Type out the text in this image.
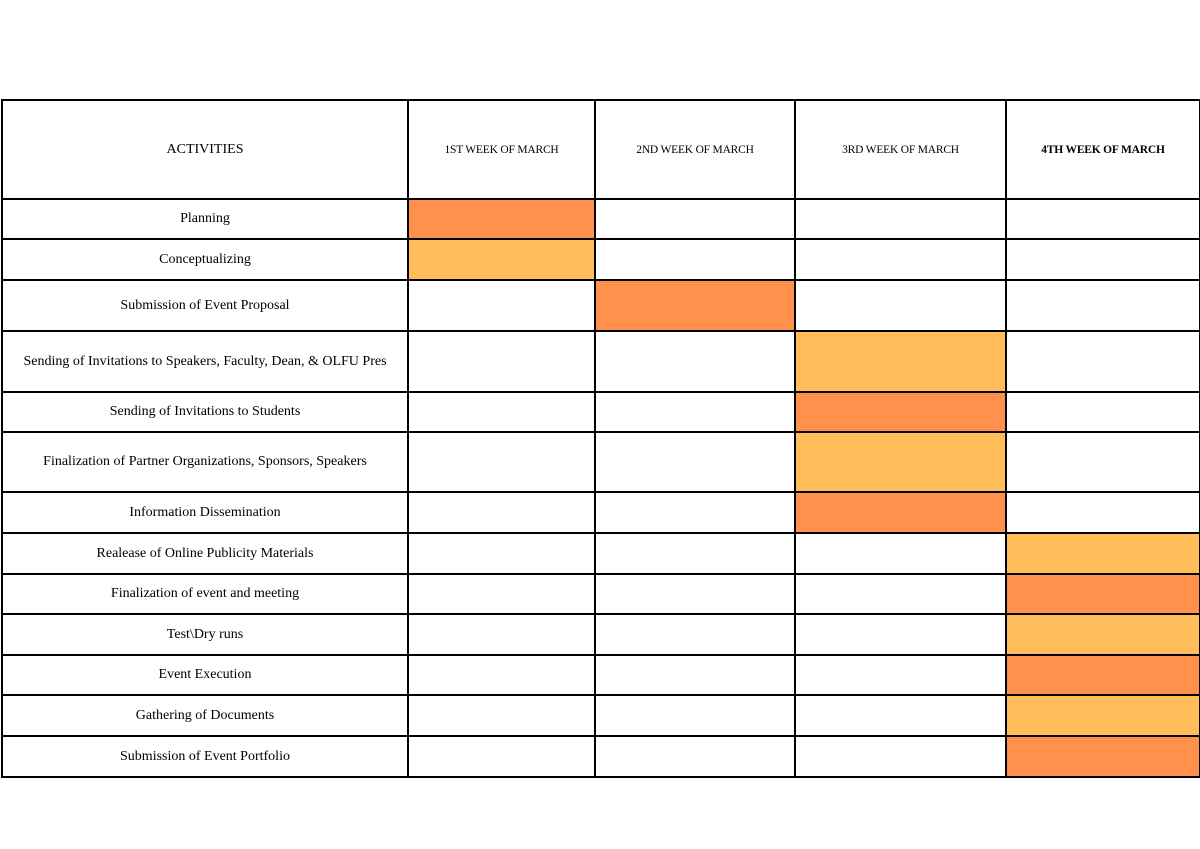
ACTIVITIES	1ST WEEK OF MARCH	2ND WEEK OF MARCH	3RD WEEK OF MARCH	4TH WEEK OF MARCH
Planning				
Conceptualizing				
Submission of Event Proposal				
Sending of Invitations to Speakers, Faculty, Dean, & OLFU Pres				
Sending of Invitations to Students				
Finalization of Partner Organizations, Sponsors, Speakers				
Information Dissemination				
Realease of Online Publicity Materials				
Finalization of event and meeting				
Test\Dry runs				
Event Execution				
Gathering of Documents				
Submission of Event Portfolio				
